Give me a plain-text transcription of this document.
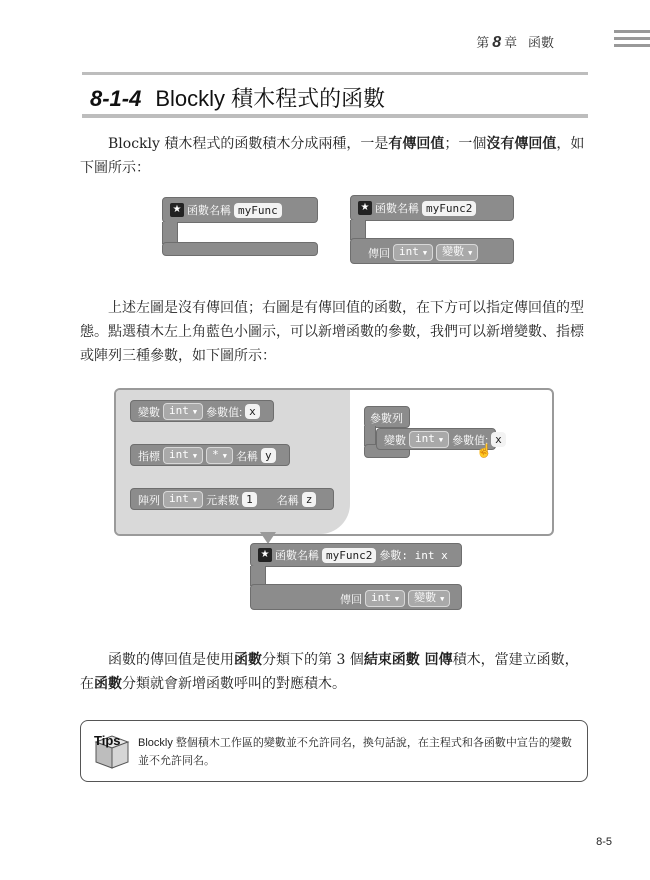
第 8 章 函數
8-1-4 Blockly 積木程式的函數

Blockly 積木程式的函數積木分成兩種，一是有傳回值；一個沒有傳回值，如下圖所示：

★ 函數名稱 myFunc	★ 函數名稱 myFunc2
傳回 int ▼	變數 ▼

上述左圖是沒有傳回值；右圖是有傳回值的函數，在下方可以指定傳回值的型態。點選積木左上角藍色小圖示，可以新增函數的參數，我們可以新增變數、指標或陣列三種參數，如下圖所示：

變數 int ▼ 參數值: x
指標 int ▼	* ▼ 名稱 y
陣列 int ▼ 元素數 1	名稱 z
參數列
變數 int ▼ 參數值: x
☝
★ 函數名稱 myFunc2 參數: int x
傳回 int ▼	變數 ▼

函數的傳回值是使用函數分類下的第 3 個結束函數 回傳積木，當建立函數，在函數分類就會新增函數呼叫的對應積木。

Tips Blockly 整個積木工作區的變數並不允許同名，換句話說，在主程式和各函數中宣告的變數並不允許同名。
8-5
